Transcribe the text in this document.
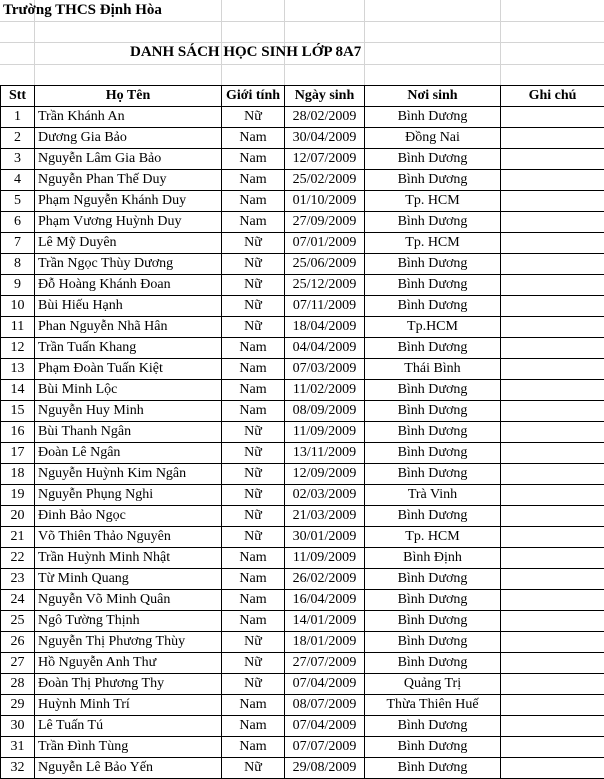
Trường THCS Định Hòa
DANH SÁCH HỌC SINH LỚP 8A7
Stt	Họ Tên	Giới tính	Ngày sinh	Nơi sinh	Ghi chú
1	Trần Khánh An	Nữ	28/02/2009	Bình Dương	
2	Dương Gia Bảo	Nam	30/04/2009	Đồng Nai	
3	Nguyễn Lâm Gia Bảo	Nam	12/07/2009	Bình Dương	
4	Nguyễn Phan Thế Duy	Nam	25/02/2009	Bình Dương	
5	Phạm Nguyễn Khánh Duy	Nam	01/10/2009	Tp. HCM	
6	Phạm Vương Huỳnh Duy	Nam	27/09/2009	Bình Dương	
7	Lê Mỹ Duyên	Nữ	07/01/2009	Tp. HCM	
8	Trần Ngọc Thùy Dương	Nữ	25/06/2009	Bình Dương	
9	Đỗ Hoàng Khánh Đoan	Nữ	25/12/2009	Bình Dương	
10	Bùi Hiếu Hạnh	Nữ	07/11/2009	Bình Dương	
11	Phan Nguyễn Nhã Hân	Nữ	18/04/2009	Tp.HCM	
12	Trần Tuấn Khang	Nam	04/04/2009	Bình Dương	
13	Phạm Đoàn Tuấn Kiệt	Nam	07/03/2009	Thái Bình	
14	Bùi Minh Lộc	Nam	11/02/2009	Bình Dương	
15	Nguyễn Huy Minh	Nam	08/09/2009	Bình Dương	
16	Bùi Thanh Ngân	Nữ	11/09/2009	Bình Dương	
17	Đoàn Lê Ngân	Nữ	13/11/2009	Bình Dương	
18	Nguyễn Huỳnh Kim Ngân	Nữ	12/09/2009	Bình Dương	
19	Nguyễn Phụng Nghi	Nữ	02/03/2009	Trà Vinh	
20	Đinh Bảo Ngọc	Nữ	21/03/2009	Bình Dương	
21	Võ Thiên Thảo Nguyên	Nữ	30/01/2009	Tp. HCM	
22	Trần Huỳnh Minh Nhật	Nam	11/09/2009	Bình Định	
23	Từ Minh Quang	Nam	26/02/2009	Bình Dương	
24	Nguyễn Võ Minh Quân	Nam	16/04/2009	Bình Dương	
25	Ngô Tường Thịnh	Nam	14/01/2009	Bình Dương	
26	Nguyễn Thị Phương Thùy	Nữ	18/01/2009	Bình Dương	
27	Hồ Nguyễn Anh Thư	Nữ	27/07/2009	Bình Dương	
28	Đoàn Thị Phương Thy	Nữ	07/04/2009	Quảng Trị	
29	Huỳnh Minh Trí	Nam	08/07/2009	Thừa Thiên Huế	
30	Lê Tuấn Tú	Nam	07/04/2009	Bình Dương	
31	Trần Đình Tùng	Nam	07/07/2009	Bình Dương	
32	Nguyễn Lê Bảo Yến	Nữ	29/08/2009	Bình Dương	
